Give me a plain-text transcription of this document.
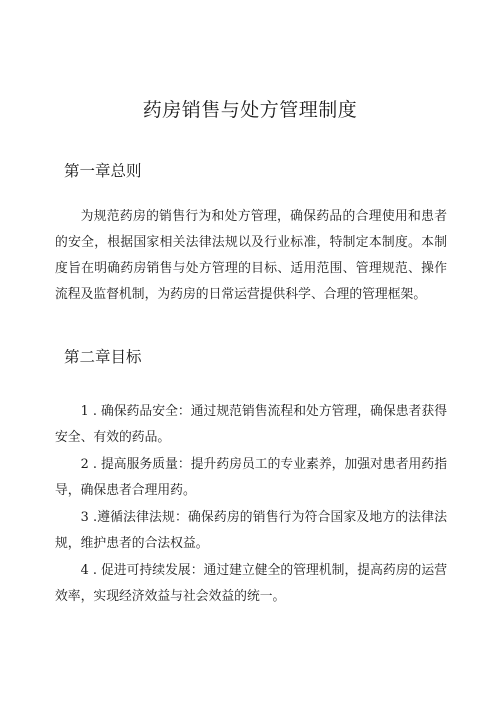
药房销售与处方管理制度
第一章总则

为规范药房的销售行为和处方管理，确保药品的合理使用和患者的安全，根据国家相关法律法规以及行业标准，特制定本制度。本制度旨在明确药房销售与处方管理的目标、适用范围、管理规范、操作流程及监督机制，为药房的日常运营提供科学、合理的管理框架。

第二章目标
1 . 确保药品安全：通过规范销售流程和处方管理，确保患者获得安全、有效的药品。
2 . 提高服务质量：提升药房员工的专业素养，加强对患者用药指导，确保患者合理用药。
3 .遵循法律法规：确保药房的销售行为符合国家及地方的法律法规，维护患者的合法权益。
4 . 促进可持续发展：通过建立健全的管理机制，提高药房的运营效率，实现经济效益与社会效益的统一。
